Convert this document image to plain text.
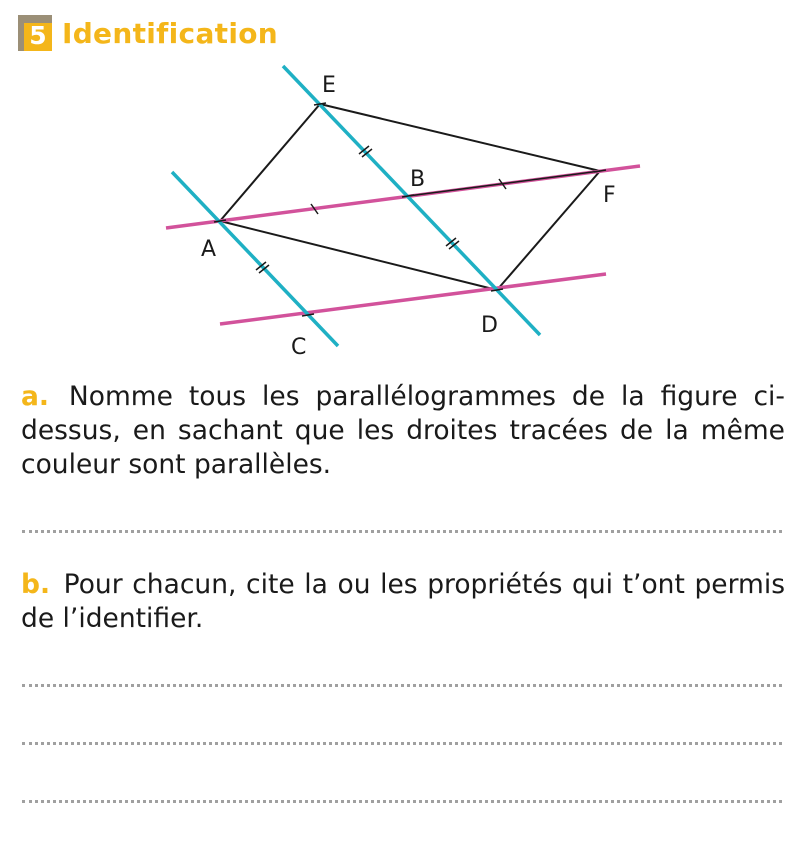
5 Identification
E
B
F
A
D
C
a. Nomme tous les parallélogrammes de la figure ci-dessus, en sachant que les droites tracées de la même couleur sont parallèles.
b. Pour chacun, cite la ou les propriétés qui t’ont permis de l’identifier.
